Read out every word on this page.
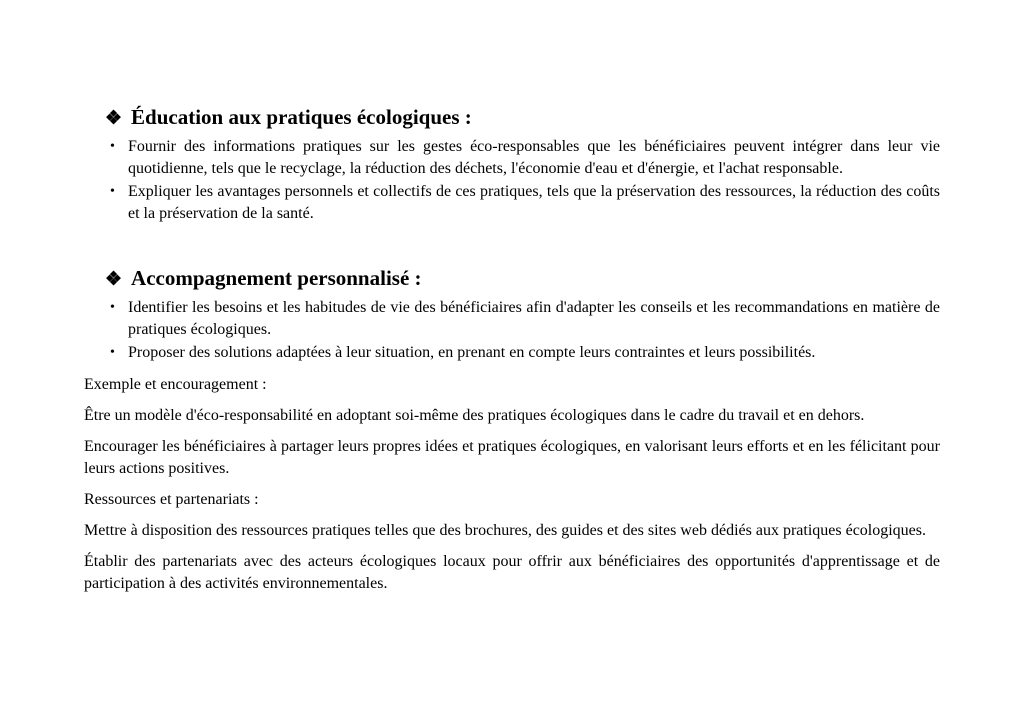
❖ Éducation aux pratiques écologiques :
• Fournir des informations pratiques sur les gestes éco-responsables que les bénéficiaires peuvent intégrer dans leur vie quotidienne, tels que le recyclage, la réduction des déchets, l'économie d'eau et d'énergie, et l'achat responsable.
• Expliquer les avantages personnels et collectifs de ces pratiques, tels que la préservation des ressources, la réduction des coûts et la préservation de la santé.
❖ Accompagnement personnalisé :
• Identifier les besoins et les habitudes de vie des bénéficiaires afin d'adapter les conseils et les recommandations en matière de pratiques écologiques.
• Proposer des solutions adaptées à leur situation, en prenant en compte leurs contraintes et leurs possibilités.

Exemple et encouragement :

Être un modèle d'éco-responsabilité en adoptant soi-même des pratiques écologiques dans le cadre du travail et en dehors.

Encourager les bénéficiaires à partager leurs propres idées et pratiques écologiques, en valorisant leurs efforts et en les félicitant pour leurs actions positives.

Ressources et partenariats :

Mettre à disposition des ressources pratiques telles que des brochures, des guides et des sites web dédiés aux pratiques écologiques.

Établir des partenariats avec des acteurs écologiques locaux pour offrir aux bénéficiaires des opportunités d'apprentissage et de participation à des activités environnementales.
